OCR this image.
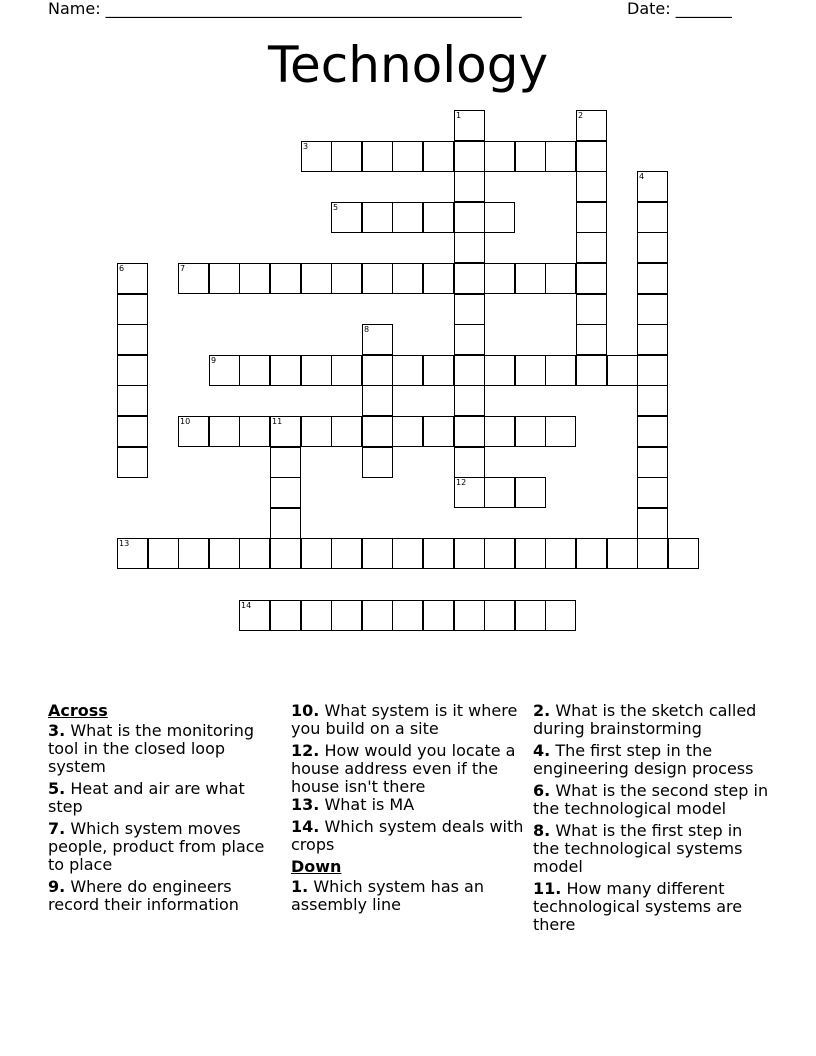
Name: ____________________________________________________	Date: _______
Technology
1	2
3
4
5
6	7
8
9
10	11
12
13
14
Across
3. What is the monitoring tool in the closed loop system
5. Heat and air are what step
7. Which system moves people, product from place to place
9. Where do engineers record their information
10. What system is it where you build on a site
12. How would you locate a house address even if the house isn't there
13. What is MA
14. Which system deals with crops
Down
1. Which system has an assembly line
2. What is the sketch called during brainstorming
4. The first step in the engineering design process
6. What is the second step in the technological model
8. What is the first step in the technological systems model
11. How many different technological systems are there
